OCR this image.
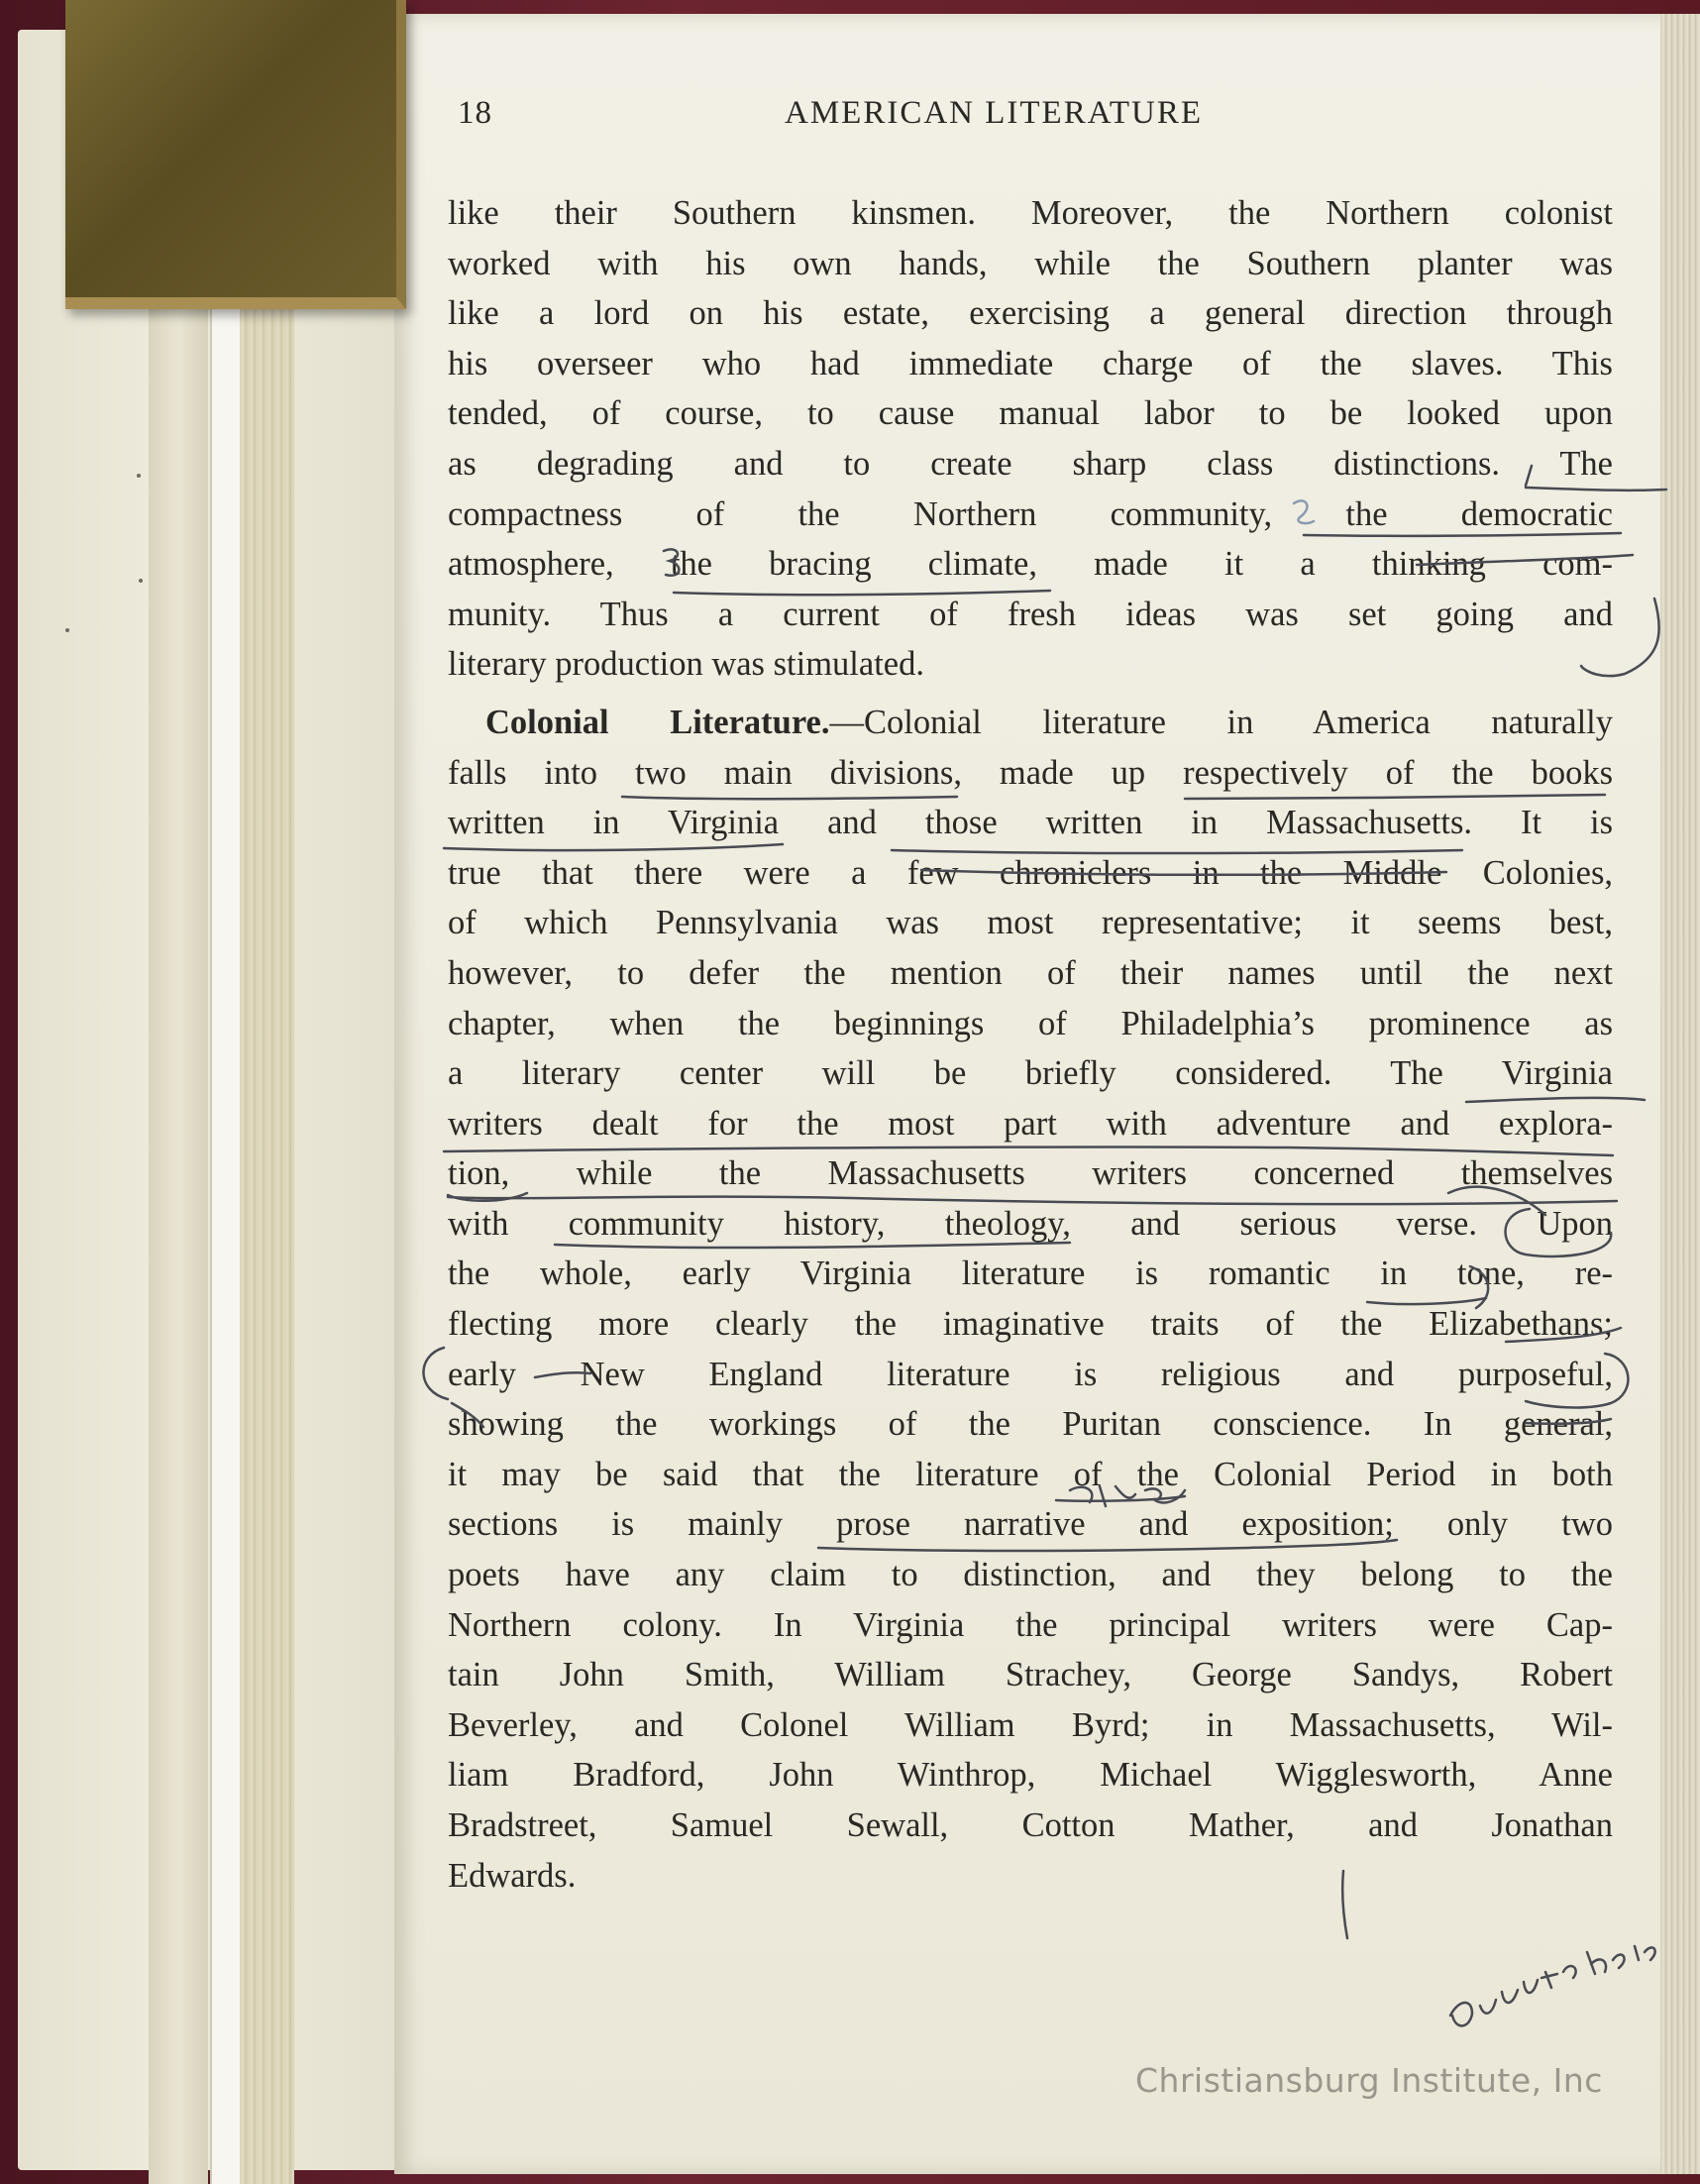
18	AMERICAN LITERATURE
like their Southern kinsmen. Moreover, the Northern colonist
worked with his own hands, while the Southern planter was
like a lord on his estate, exercising a general direction through
his overseer who had immediate charge of the slaves. This
tended, of course, to cause manual labor to be looked upon
as degrading and to create sharp class distinctions. The
compactness of the Northern community, the democratic
atmosphere, the bracing climate, made it a thinking com-
munity. Thus a current of fresh ideas was set going and
literary production was stimulated.
Colonial Literature.—Colonial literature in America naturally
falls into two main divisions, made up respectively of the books
written in Virginia and those written in Massachusetts. It is
true that there were a few chroniclers in the Middle Colonies,
of which Pennsylvania was most representative; it seems best,
however, to defer the mention of their names until the next
chapter, when the beginnings of Philadelphia’s prominence as
a literary center will be briefly considered. The Virginia
writers dealt for the most part with adventure and explora-
tion, while the Massachusetts writers concerned themselves
with community history, theology, and serious verse. Upon
the whole, early Virginia literature is romantic in tone, re-
flecting more clearly the imaginative traits of the Elizabethans;
early New England literature is religious and purposeful,
showing the workings of the Puritan conscience. In general,
it may be said that the literature of the Colonial Period in both
sections is mainly prose narrative and exposition; only two
poets have any claim to distinction, and they belong to the
Northern colony. In Virginia the principal writers were Cap-
tain John Smith, William Strachey, George Sandys, Robert
Beverley, and Colonel William Byrd; in Massachusetts, Wil-
liam Bradford, John Winthrop, Michael Wigglesworth, Anne
Bradstreet, Samuel Sewall, Cotton Mather, and Jonathan
Edwards.
Christiansburg Institute, Inc
